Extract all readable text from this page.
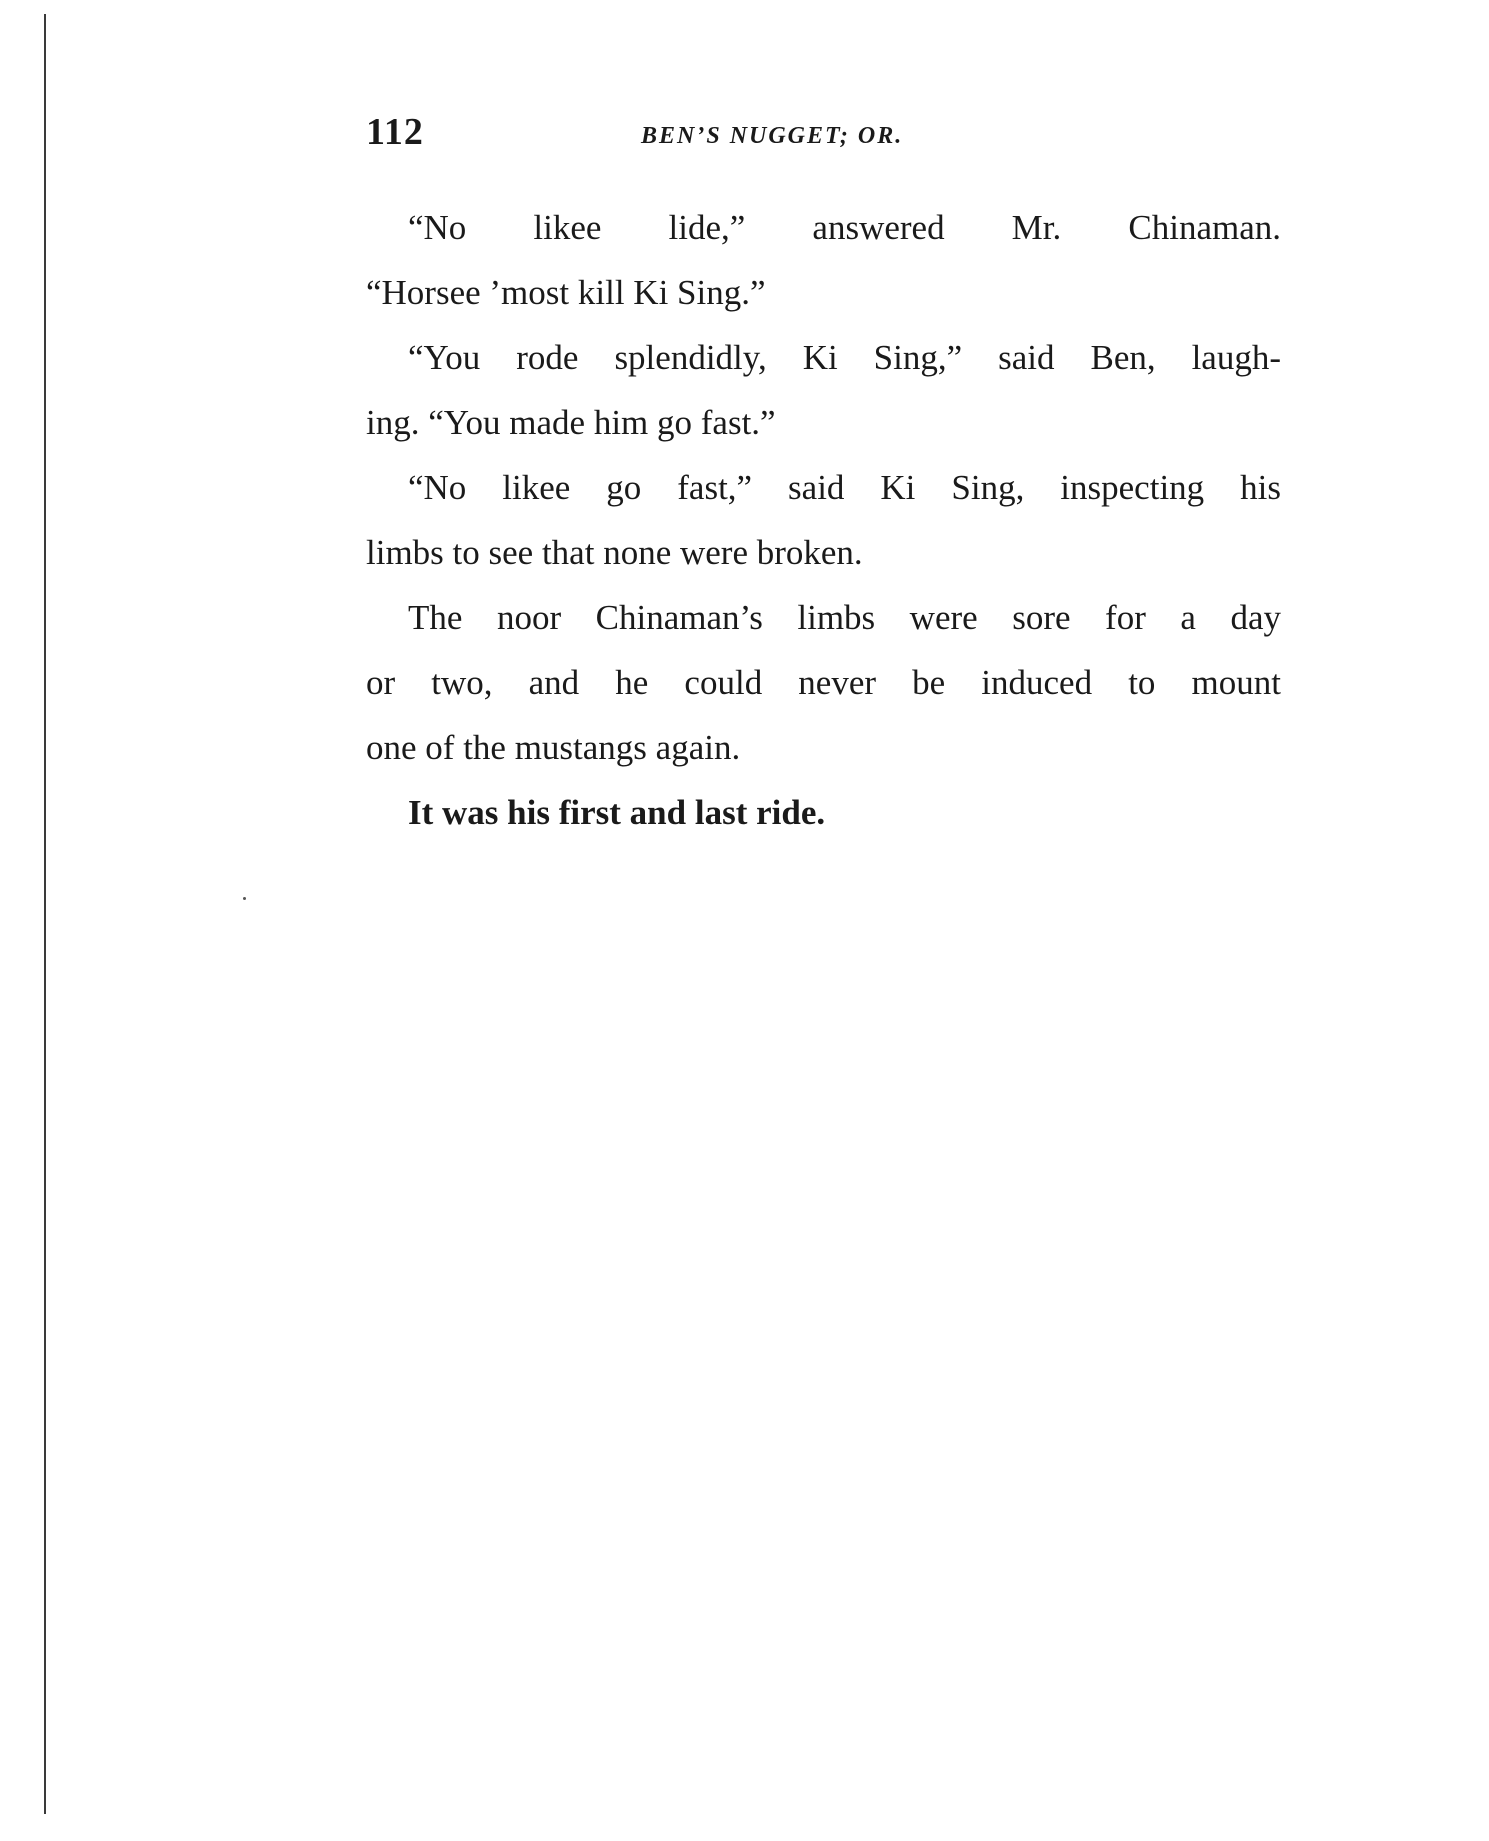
112	BEN’S NUGGET; OR.
“No likee lide,” answered Mr. Chinaman.
“Horsee ’most kill Ki Sing.”
“You rode splendidly, Ki Sing,” said Ben, laugh-
ing. “You made him go fast.”
“No likee go fast,” said Ki Sing, inspecting his
limbs to see that none were broken.
The noor Chinaman’s limbs were sore for a day
or two, and he could never be induced to mount
one of the mustangs again.
It was his first and last ride.
